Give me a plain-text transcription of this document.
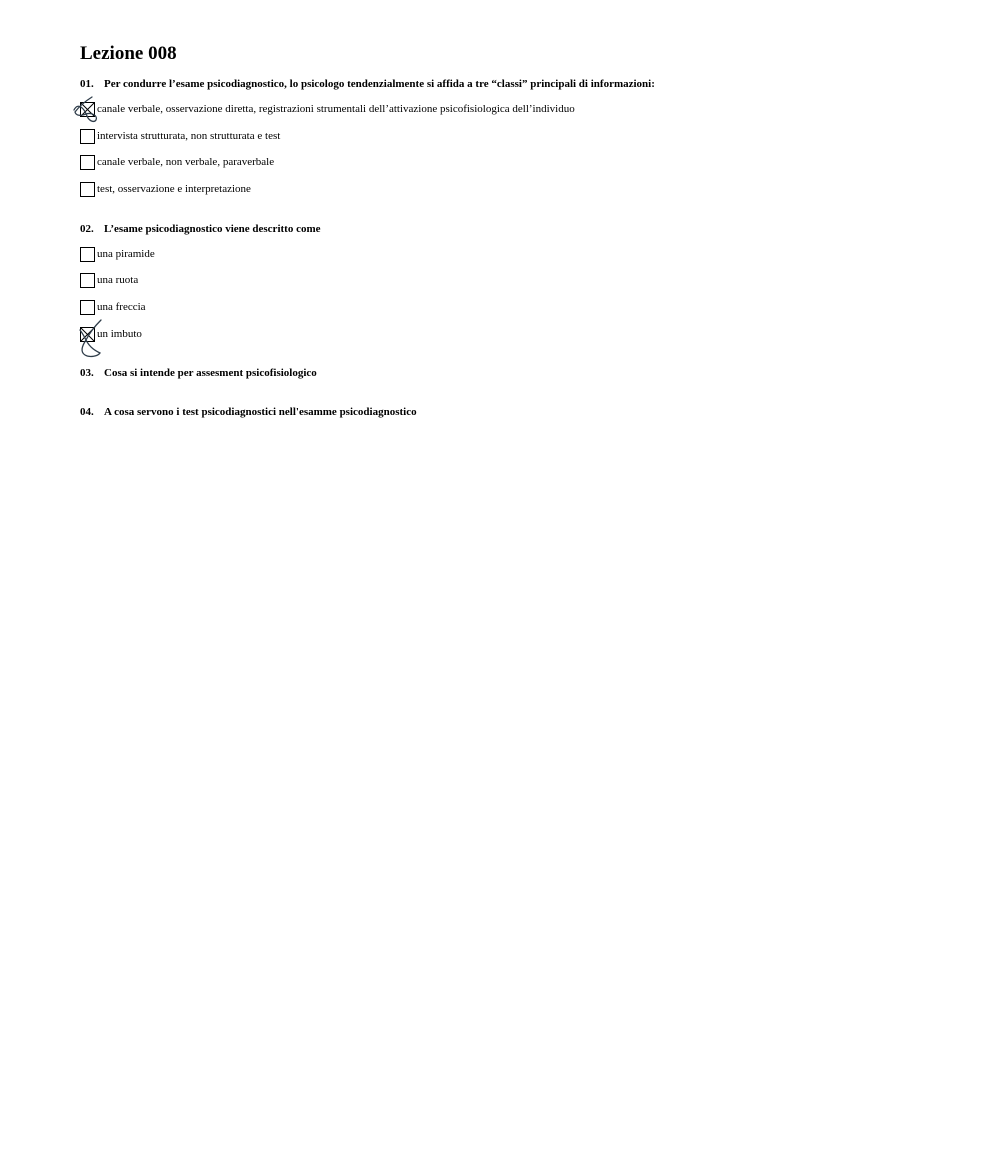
Lezione 008
01. Per condurre l’esame psicodiagnostico, lo psicologo tendenzialmente si affida a tre “classi” principali di informazioni:
canale verbale, osservazione diretta, registrazioni strumentali dell’attivazione psicofisiologica dell’individuo
intervista strutturata, non strutturata e test
canale verbale, non verbale, paraverbale
test, osservazione e interpretazione
02. L’esame psicodiagnostico viene descritto come
una piramide
una ruota
una freccia
un imbuto
03. Cosa si intende per assesment psicofisiologico
04. A cosa servono i test psicodiagnostici nell'esamme psicodiagnostico
